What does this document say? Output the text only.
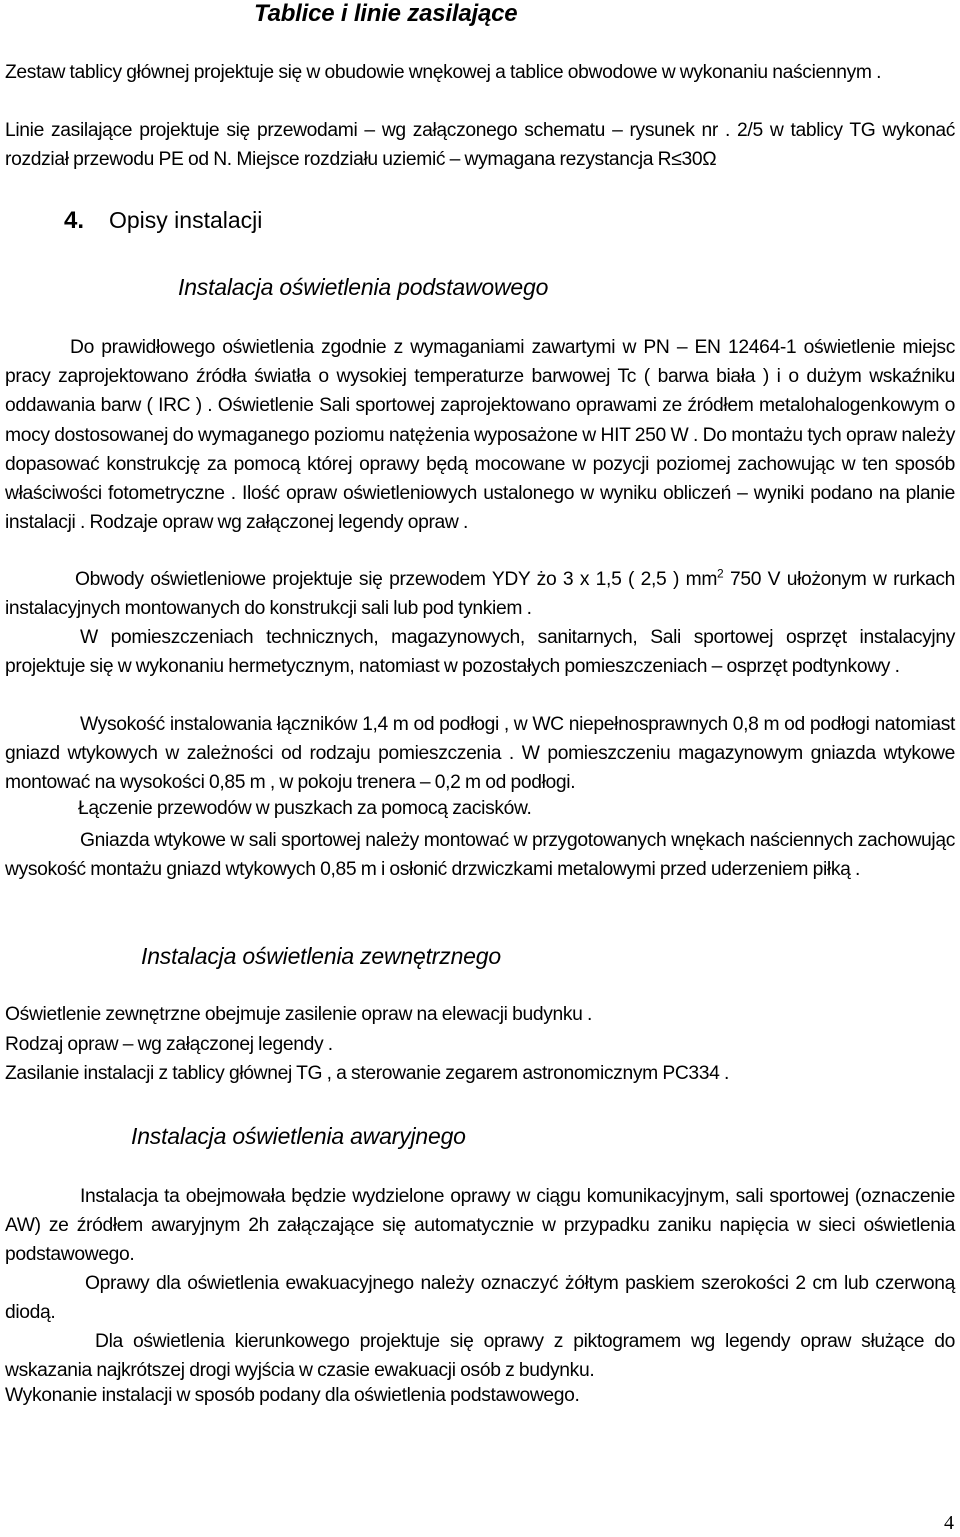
Tablice i linie zasilające
Zestaw tablicy głównej projektuje się w obudowie wnękowej a tablice obwodowe w wykonaniu naściennym .
Linie zasilające projektuje się przewodami – wg załączonego schematu – rysunek nr . 2/5 w tablicy TG wykonać rozdział przewodu PE od N. Miejsce rozdziału uziemić – wymagana rezystancja R≤30Ω
4. Opisy instalacji
Instalacja oświetlenia podstawowego
Do prawidłowego oświetlenia zgodnie z wymaganiami zawartymi w PN – EN 12464-1 oświetlenie miejsc pracy zaprojektowano źródła światła o wysokiej temperaturze barwowej Tc ( barwa biała ) i o dużym wskaźniku oddawania barw ( IRC ) . Oświetlenie Sali sportowej zaprojektowano oprawami ze źródłem metalohalogenkowym o mocy dostosowanej do wymaganego poziomu natężenia wyposażone w HIT 250 W . Do montażu tych opraw należy dopasować konstrukcję za pomocą której oprawy będą mocowane w pozycji poziomej zachowując w ten sposób właściwości fotometryczne . Ilość opraw oświetleniowych ustalonego w wyniku obliczeń – wyniki podano na planie instalacji . Rodzaje opraw wg załączonej legendy opraw .
Obwody oświetleniowe projektuje się przewodem YDY żo 3 x 1,5 ( 2,5 ) $mm^2$ 750 V ułożonym w rurkach instalacyjnych montowanych do konstrukcji sali lub pod tynkiem .
W pomieszczeniach technicznych, magazynowych, sanitarnych, Sali sportowej osprzęt instalacyjny projektuje się w wykonaniu hermetycznym, natomiast w pozostałych pomieszczeniach – osprzęt podtynkowy .
Wysokość instalowania łączników 1,4 m od podłogi , w WC niepełnosprawnych 0,8 m od podłogi natomiast gniazd wtykowych w zależności od rodzaju pomieszczenia . W pomieszczeniu magazynowym gniazda wtykowe montować na wysokości 0,85 m , w pokoju trenera – 0,2 m od podłogi.
Łączenie przewodów w puszkach za pomocą zacisków.
Gniazda wtykowe w sali sportowej należy montować w przygotowanych wnękach naściennych zachowując wysokość montażu gniazd wtykowych 0,85 m i osłonić drzwiczkami metalowymi przed uderzeniem piłką .
Instalacja oświetlenia zewnętrznego
Oświetlenie zewnętrzne obejmuje zasilenie opraw na elewacji budynku .
Rodzaj opraw – wg załączonej legendy .
Zasilanie instalacji z tablicy głównej TG , a sterowanie zegarem astronomicznym PC334 .
Instalacja oświetlenia awaryjnego
Instalacja ta obejmowała będzie wydzielone oprawy w ciągu komunikacyjnym, sali sportowej (oznaczenie AW) ze źródłem awaryjnym 2h załączające się automatycznie w przypadku zaniku napięcia w sieci oświetlenia podstawowego.
Oprawy dla oświetlenia ewakuacyjnego należy oznaczyć żółtym paskiem szerokości 2 cm lub czerwoną diodą.
Dla oświetlenia kierunkowego projektuje się oprawy z piktogramem wg legendy opraw służące do wskazania najkrótszej drogi wyjścia w czasie ewakuacji osób z budynku.
Wykonanie instalacji w sposób podany dla oświetlenia podstawowego.
4
